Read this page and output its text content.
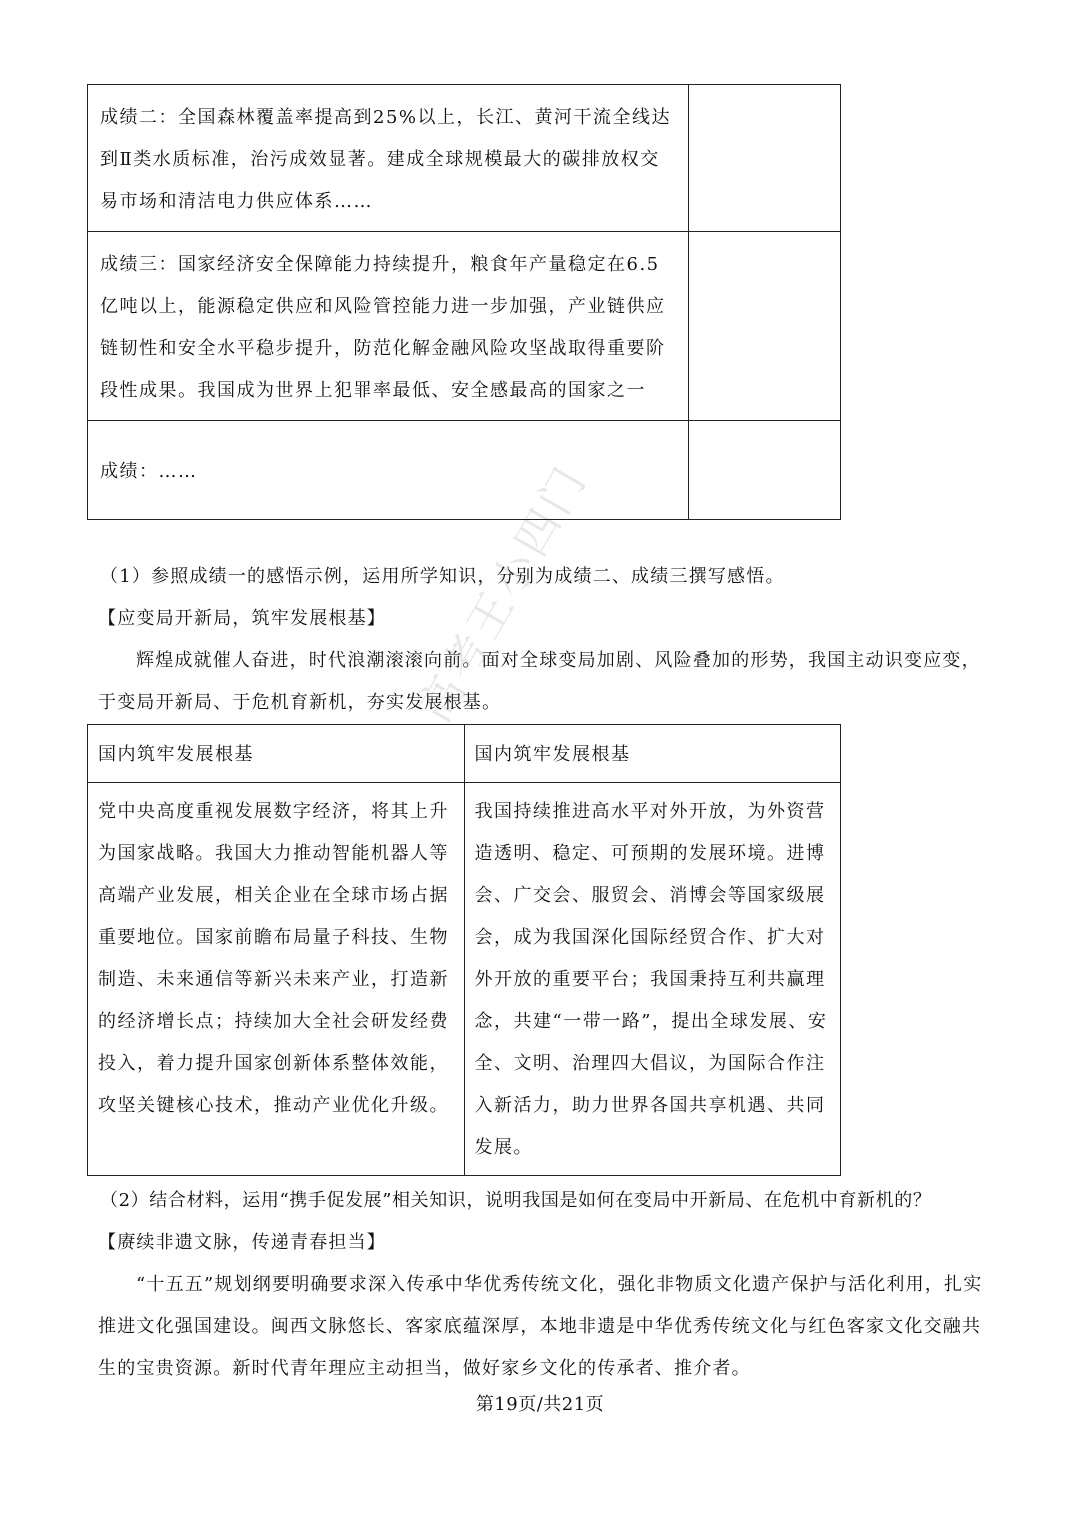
高考王小四门
成绩二：全国森林覆盖率提高到25%以上，长江、黄河干流全线达到Ⅱ类水质标准，治污成效显著。建成全球规模最大的碳排放权交易市场和清洁电力供应体系……	

成绩三：国家经济安全保障能力持续提升，粮食年产量稳定在6.5亿吨以上，能源稳定供应和风险管控能力进一步加强，产业链供应链韧性和安全水平稳步提升，防范化解金融风险攻坚战取得重要阶段性成果。我国成为世界上犯罪率最低、安全感最高的国家之一	

成绩：……	

（1）参照成绩一的感悟示例，运用所学知识，分别为成绩二、成绩三撰写感悟。
【应变局开新局，筑牢发展根基】
辉煌成就催人奋进，时代浪潮滚滚向前。面对全球变局加剧、风险叠加的形势，我国主动识变应变，于变局开新局、于危机育新机，夯实发展根基。
国内筑牢发展根基	国内筑牢发展根基

党中央高度重视发展数字经济，将其上升为国家战略。我国大力推动智能机器人等高端产业发展，相关企业在全球市场占据重要地位。国家前瞻布局量子科技、生物制造、未来通信等新兴未来产业，打造新的经济增长点；持续加大全社会研发经费投入，着力提升国家创新体系整体效能，攻坚关键核心技术，推动产业优化升级。	我国持续推进高水平对外开放，为外资营造透明、稳定、可预期的发展环境。进博会、广交会、服贸会、消博会等国家级展会，成为我国深化国际经贸合作、扩大对外开放的重要平台；我国秉持互利共赢理念，共建“一带一路”，提出全球发展、安全、文明、治理四大倡议，为国际合作注入新活力，助力世界各国共享机遇、共同发展。
（2）结合材料，运用“携手促发展”相关知识，说明我国是如何在变局中开新局、在危机中育新机的？
【赓续非遗文脉，传递青春担当】
“十五五”规划纲要明确要求深入传承中华优秀传统文化，强化非物质文化遗产保护与活化利用，扎实推进文化强国建设。闽西文脉悠长、客家底蕴深厚，本地非遗是中华优秀传统文化与红色客家文化交融共生的宝贵资源。新时代青年理应主动担当，做好家乡文化的传承者、推介者。
第19页/共21页
